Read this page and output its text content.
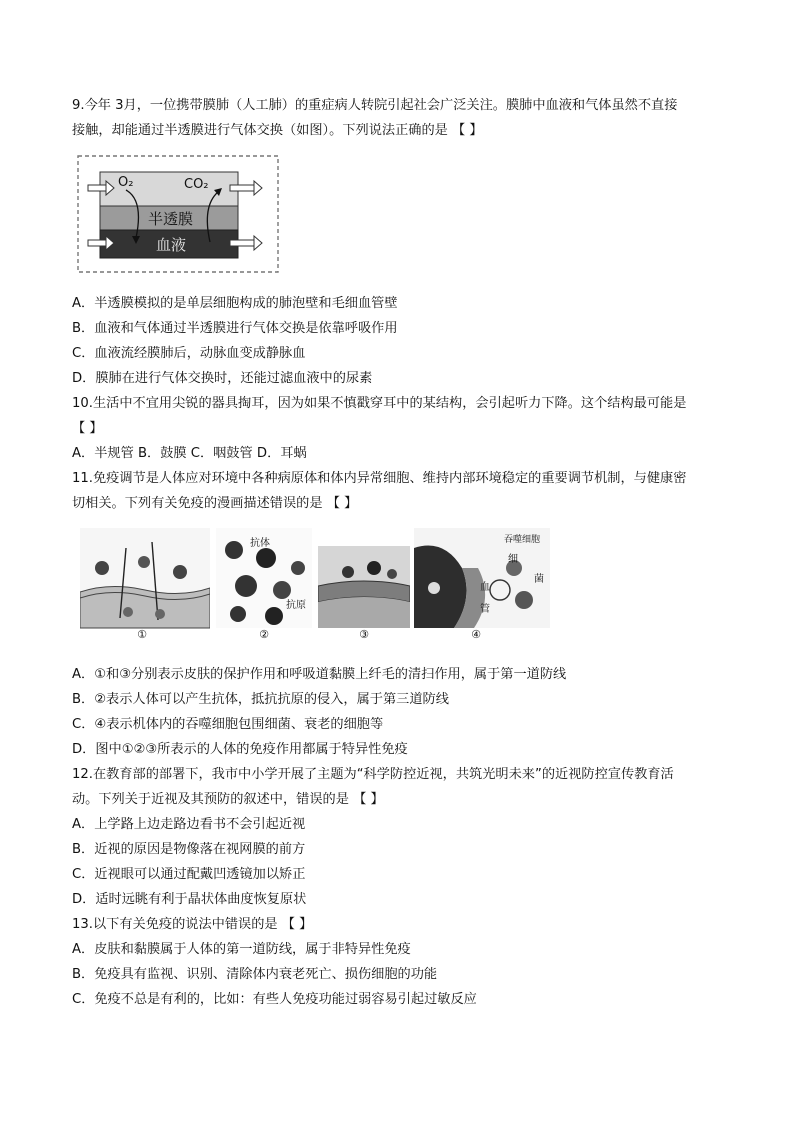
9.今年 3月，一位携带膜肺（人工肺）的重症病人转院引起社会广泛关注。膜肺中血液和气体虽然不直接
接触，却能通过半透膜进行气体交换（如图）。下列说法正确的是 【 】
O₂	CO₂
半透膜
血液
A．半透膜模拟的是单层细胞构成的肺泡壁和毛细血管壁
B．血液和气体通过半透膜进行气体交换是依靠呼吸作用
C．血液流经膜肺后，动脉血变成静脉血
D．膜肺在进行气体交换时，还能过滤血液中的尿素
10.生活中不宜用尖锐的器具掏耳，因为如果不慎戳穿耳中的某结构，会引起听力下降。这个结构最可能是
【 】
A．半规管 B．鼓膜 C．咽鼓管 D．耳蜗
11.免疫调节是人体应对环境中各种病原体和体内异常细胞、维持内部环境稳定的重要调节机制，与健康密
切相关。下列有关免疫的漫画描述错误的是 【 】
①
抗体
抗原
②	③
吞噬细胞
细
菌
血
管
④
A．①和③分别表示皮肤的保护作用和呼吸道黏膜上纤毛的清扫作用，属于第一道防线
B．②表示人体可以产生抗体，抵抗抗原的侵入，属于第三道防线
C．④表示机体内的吞噬细胞包围细菌、衰老的细胞等
D．图中①②③所表示的人体的免疫作用都属于特异性免疫
12.在教育部的部署下，我市中小学开展了主题为“科学防控近视，共筑光明未来”的近视防控宣传教育活
动。下列关于近视及其预防的叙述中，错误的是 【 】
A．上学路上边走路边看书不会引起近视
B．近视的原因是物像落在视网膜的前方
C．近视眼可以通过配戴凹透镜加以矫正
D．适时远眺有利于晶状体曲度恢复原状
13.以下有关免疫的说法中错误的是 【 】
A．皮肤和黏膜属于人体的第一道防线，属于非特异性免疫
B．免疫具有监视、识别、清除体内衰老死亡、损伤细胞的功能
C．免疫不总是有利的，比如：有些人免疫功能过弱容易引起过敏反应
